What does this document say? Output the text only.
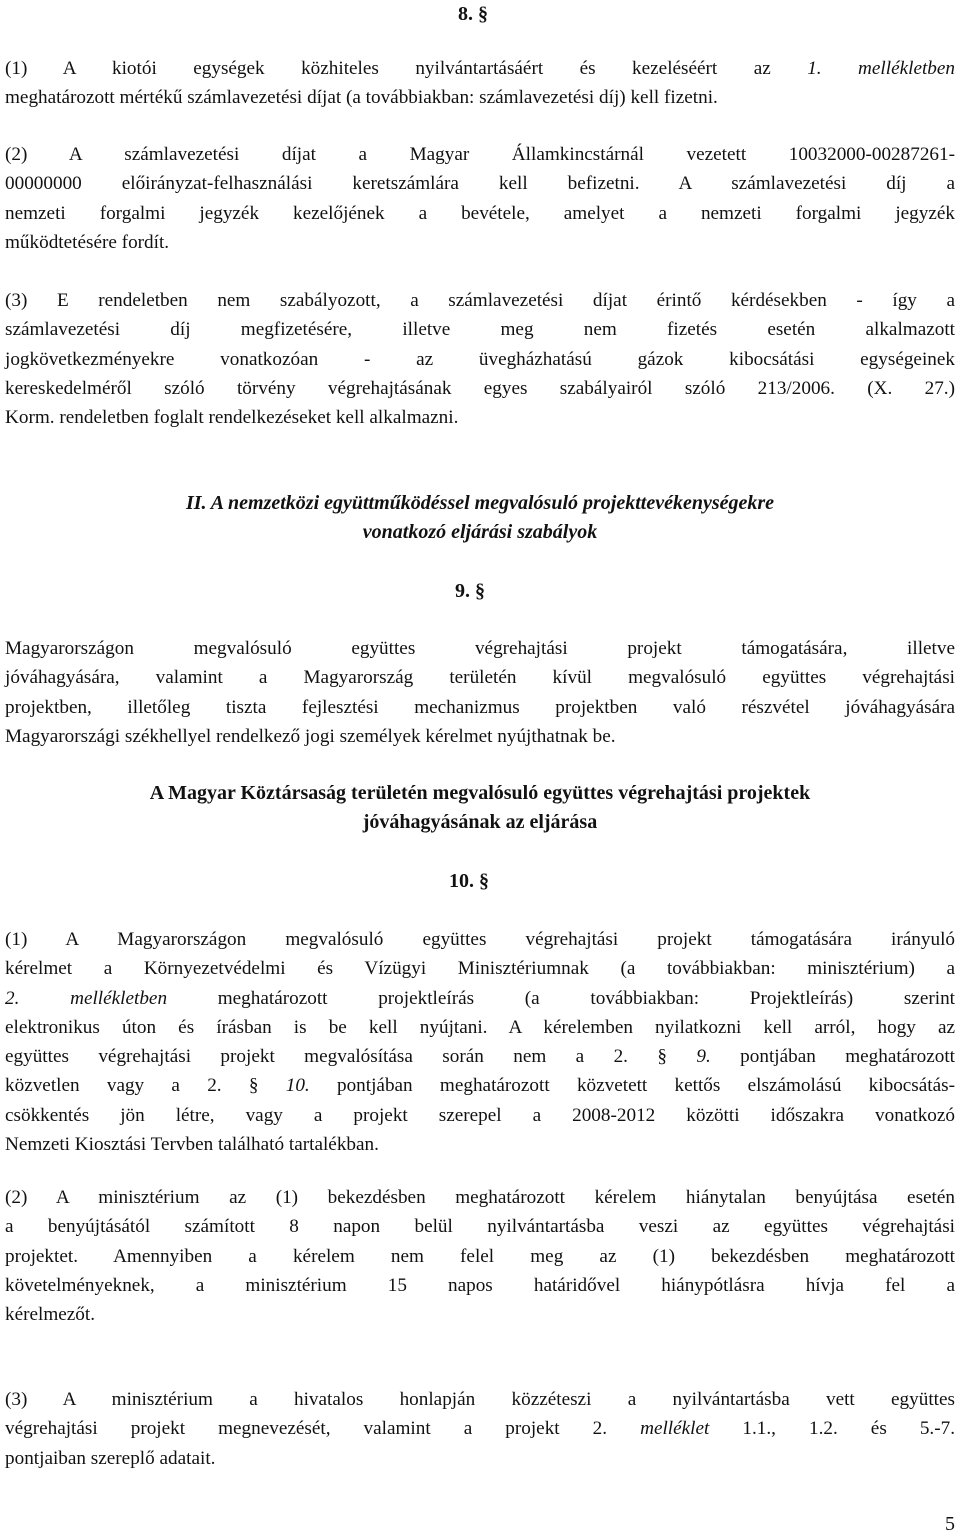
8. §
(1) A kiotói egységek közhiteles nyilvántartásáért és kezeléséért az 1. mellékletben
meghatározott mértékű számlavezetési díjat (a továbbiakban: számlavezetési díj) kell fizetni.
(2) A számlavezetési díjat a Magyar Államkincstárnál vezetett 10032000-00287261-
00000000 előirányzat-felhasználási keretszámlára kell befizetni. A számlavezetési díj a
nemzeti forgalmi jegyzék kezelőjének a bevétele, amelyet a nemzeti forgalmi jegyzék
működtetésére fordít.
(3) E rendeletben nem szabályozott, a számlavezetési díjat érintő kérdésekben - így a
számlavezetési díj megfizetésére, illetve meg nem fizetés esetén alkalmazott
jogkövetkezményekre vonatkozóan - az üvegházhatású gázok kibocsátási egységeinek
kereskedelméről szóló törvény végrehajtásának egyes szabályairól szóló 213/2006. (X. 27.)
Korm. rendeletben foglalt rendelkezéseket kell alkalmazni.
II. A nemzetközi együttműködéssel megvalósuló projekttevékenységekre
vonatkozó eljárási szabályok
9. §
Magyarországon megvalósuló együttes végrehajtási projekt támogatására, illetve
jóváhagyására, valamint a Magyarország területén kívül megvalósuló együttes végrehajtási
projektben, illetőleg tiszta fejlesztési mechanizmus projektben való részvétel jóváhagyására
Magyarországi székhellyel rendelkező jogi személyek kérelmet nyújthatnak be.
A Magyar Köztársaság területén megvalósuló együttes végrehajtási projektek
jóváhagyásának az eljárása
10. §
(1) A Magyarországon megvalósuló együttes végrehajtási projekt támogatására irányuló
kérelmet a Környezetvédelmi és Vízügyi Minisztériumnak (a továbbiakban: minisztérium) a
2. mellékletben meghatározott projektleírás (a továbbiakban: Projektleírás) szerint
elektronikus úton és írásban is be kell nyújtani. A kérelemben nyilatkozni kell arról, hogy az
együttes végrehajtási projekt megvalósítása során nem a 2. § 9. pontjában meghatározott
közvetlen vagy a 2. § 10. pontjában meghatározott közvetett kettős elszámolású kibocsátás-
csökkentés jön létre, vagy a projekt szerepel a 2008-2012 közötti időszakra vonatkozó
Nemzeti Kiosztási Tervben található tartalékban.
(2) A minisztérium az (1) bekezdésben meghatározott kérelem hiánytalan benyújtása esetén
a benyújtásától számított 8 napon belül nyilvántartásba veszi az együttes végrehajtási
projektet. Amennyiben a kérelem nem felel meg az (1) bekezdésben meghatározott
követelményeknek, a minisztérium 15 napos határidővel hiánypótlásra hívja fel a
kérelmezőt.
(3) A minisztérium a hivatalos honlapján közzéteszi a nyilvántartásba vett együttes
végrehajtási projekt megnevezését, valamint a projekt 2. melléklet 1.1., 1.2. és 5.-7.
pontjaiban szereplő adatait.
5
